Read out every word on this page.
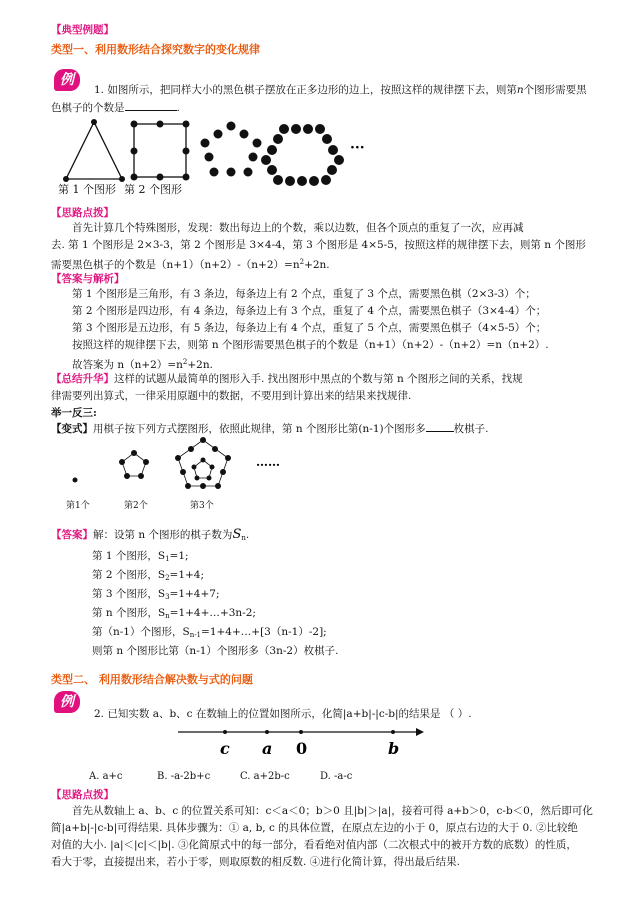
【典型例题】
类型一、利用数形结合探究数字的变化规律
例
1. 如图所示，把同样大小的黑色棋子摆放在正多边形的边上，按照这样的规律摆下去，则第n个图形需要黑
色棋子的个数是	.
···
第 1 个图形 第 2 个图形
【思路点拨】
首先计算几个特殊图形，发现：数出每边上的个数，乘以边数，但各个顶点的重复了一次，应再减
去. 第 1 个图形是 2×3-3，第 2 个图形是 3×4-4，第 3 个图形是 4×5-5，按照这样的规律摆下去，则第 n 个图形
需要黑色棋子的个数是$(n+1)(n+2)-(n+2)=n^2+2n$.
【答案与解析】
第 1 个图形是三角形，有 3 条边，每条边上有 2 个点，重复了 3 个点，需要黑色棋（2×3-3）个；
第 2 个图形是四边形，有 4 条边，每条边上有 3 个点，重复了 4 个点，需要黑色棋子（3×4-4）个；
第 3 个图形是五边形，有 5 条边，每条边上有 4 个点，重复了 5 个点，需要黑色棋子（4×5-5）个；
按照这样的规律摆下去，则第 n 个图形需要黑色棋子的个数是（n+1）（n+2）-（n+2）=n（n+2）.
故答案为 $n(n+2)=n^2+2n$.
【总结升华】这样的试题从最简单的图形入手. 找出图形中黑点的个数与第 n 个图形之间的关系，找规
律需要列出算式，一律采用原题中的数据，不要用到计算出来的结果来找规律.
举一反三:
【变式】用棋子按下列方式摆图形，依照此规律，第 n 个图形比第(n-1)个图形多	枚棋子.
……
第1个	第2个	第3个
【答案】解：设第 n 个图形的棋子数为$S_n$.
第 1 个图形，$S_1=1$;
第 2 个图形，$S_2=1+4$;
第 3 个图形，$S_3=1+4+7$;
第 n 个图形，$S_n=1+4+\dots+3n-2$;
第（n-1）个图形，$S_{n-1}=1+4+\dots+[3(n-1)-2]$;
则第 n 个图形比第（n-1）个图形多（3n-2）枚棋子.
类型二、 利用数形结合解决数与式的问题
例
2. 已知实数 a、b、c 在数轴上的位置如图所示，化简|a+b|-|c-b|的结果是 （ ）.
c a 0	b
A. a+c	B. -a-2b+c	C. a+2b-c	D. -a-c
【思路点拨】
首先从数轴上 a、b、c 的位置关系可知：c＜a＜0；b＞0 且|b|＞|a|，接着可得 a+b＞0，c-b＜0，然后即可化
简|a+b|-|c-b|可得结果. 具体步骤为：① a, b, c 的具体位置，在原点左边的小于 0，原点右边的大于 0. ②比较绝
对值的大小. |a|＜|c|＜|b|. ③化简原式中的每一部分，看看绝对值内部（二次根式中的被开方数的底数）的性质，
看大于零，直接提出来，若小于零，则取原数的相反数. ④进行化简计算，得出最后结果.
